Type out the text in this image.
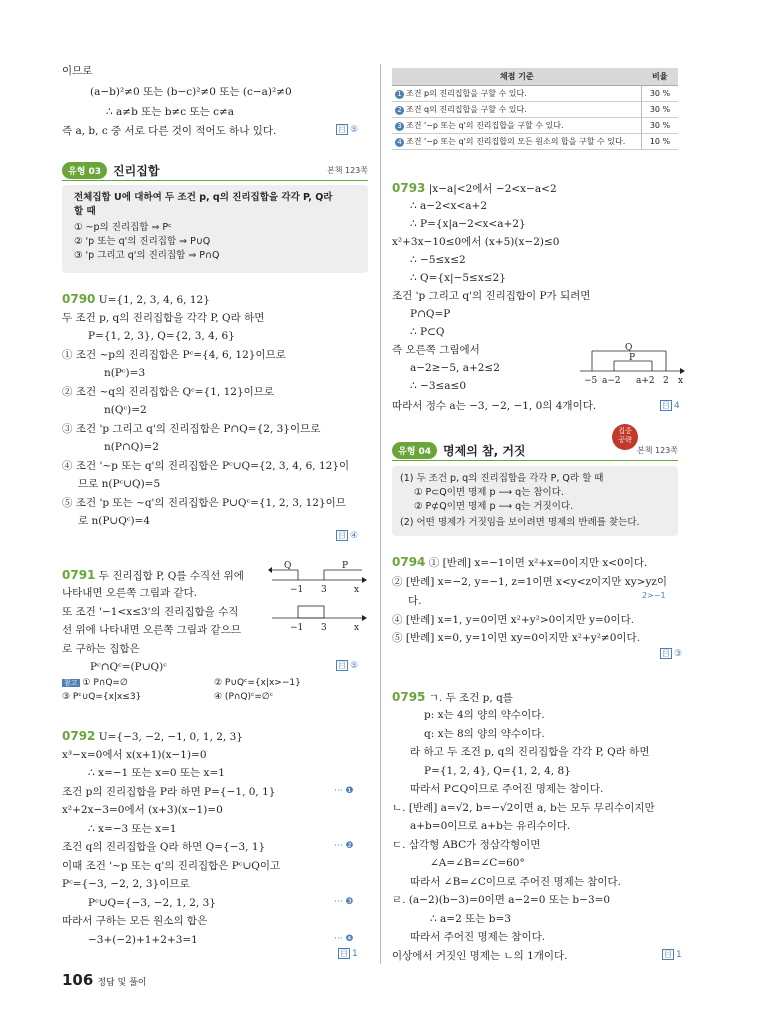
이므로
(a−b)²≠0 또는 (b−c)²≠0 또는 (c−a)²≠0
∴ a≠b 또는 b≠c 또는 c≠a
즉 a, b, c 중 서로 다른 것이 적어도 하나 있다.	目 ⑤
유형 03	진리집합	본책 123쪽
전체집합 U에 대하여 두 조건 p, q의 진리집합을 각각 P, Q라
할 때
① ~p의 진리집합 ⇒ Pᶜ
② 'p 또는 q'의 진리집합 ⇒ P∪Q
③ 'p 그리고 q'의 진리집합 ⇒ P∩Q
0790 U={1, 2, 3, 4, 6, 12}
두 조건 p, q의 진리집합을 각각 P, Q라 하면
P={1, 2, 3}, Q={2, 3, 4, 6}
① 조건 ~p의 진리집합은 Pᶜ={4, 6, 12}이므로
n(Pᶜ)=3
② 조건 ~q의 진리집합은 Qᶜ={1, 12}이므로
n(Qᶜ)=2
③ 조건 'p 그리고 q'의 진리집합은 P∩Q={2, 3}이므로
n(P∩Q)=2
④ 조건 '~p 또는 q'의 진리집합은 Pᶜ∪Q={2, 3, 4, 6, 12}이
므로 n(Pᶜ∪Q)=5
⑤ 조건 'p 또는 ~q'의 진리집합은 P∪Qᶜ={1, 2, 3, 12}이므
로 n(P∪Qᶜ)=4
目 ④
0791 두 진리집합 P, Q를 수직선 위에
나타내면 오른쪽 그림과 같다.
또 조건 '−1<x≤3'의 진리집합을 수직
선 위에 나타내면 오른쪽 그림과 같으므
로 구하는 집합은
Pᶜ∩Qᶜ=(P∪Q)ᶜ	目 ⑤
Q	P
−1 3	x
−1 3	x
참고 ① P∩Q=∅	② P∪Qᶜ={x|x>−1}
③ Pᶜ∪Q={x|x≤3}	④ (P∩Q)ᶜ=∅ᶜ
0792 U={−3, −2, −1, 0, 1, 2, 3}
x³−x=0에서 x(x+1)(x−1)=0
∴ x=−1 또는 x=0 또는 x=1
조건 p의 진리집합을 P라 하면 P={−1, 0, 1}
x²+2x−3=0에서 (x+3)(x−1)=0
∴ x=−3 또는 x=1
조건 q의 진리집합을 Q라 하면 Q={−3, 1}
이때 조건 '~p 또는 q'의 진리집합은 Pᶜ∪Q이고
Pᶜ={−3, −2, 2, 3}이므로
Pᶜ∪Q={−3, −2, 1, 2, 3}
따라서 구하는 모든 원소의 합은
−3+(−2)+1+2+3=1
··· ❶
··· ❷
··· ❸
··· ❹
目 1
채점 기준	비율
1 조건 p의 진리집합을 구할 수 있다.	30 %
2 조건 q의 진리집합을 구할 수 있다.	30 %
3 조건 '~p 또는 q'의 진리집합을 구할 수 있다.	30 %
4 조건 '~p 또는 q'의 진리집합의 모든 원소의 합을 구할 수 있다.	10 %
0793 |x−a|<2에서 −2<x−a<2
∴ a−2<x<a+2
∴ P={x|a−2<x<a+2}
x²+3x−10≤0에서 (x+5)(x−2)≤0
∴ −5≤x≤2
∴ Q={x|−5≤x≤2}
조건 'p 그리고 q'의 진리집합이 P가 되려면
P∩Q=P
∴ P⊂Q
즉 오른쪽 그림에서
a−2≥−5, a+2≤2
∴ −3≤a≤0
따라서 정수 a는 −3, −2, −1, 0의 4개이다.	目 4
Q
P
−5 a−2 a+2 2 x
유형 04	명제의 참, 거짓	본책 123쪽
집중
공략
(1) 두 조건 p, q의 진리집합을 각각 P, Q라 할 때
① P⊂Q이면 명제 p ⟶ q는 참이다.
② P⊄Q이면 명제 p ⟶ q는 거짓이다.
(2) 어떤 명제가 거짓임을 보이려면 명제의 반례를 찾는다.
0794 ① [반례] x=−1이면 x²+x=0이지만 x<0이다.
② [반례] x=−2, y=−1, z=1이면 x<y<z이지만 xy>yz이
2>−1
다.
④ [반례] x=1, y=0이면 x²+y²>0이지만 y=0이다.
⑤ [반례] x=0, y=1이면 xy=0이지만 x²+y²≠0이다.
目 ③
0795 ㄱ. 두 조건 p, q를
p: x는 4의 양의 약수이다.
q: x는 8의 양의 약수이다.
라 하고 두 조건 p, q의 진리집합을 각각 P, Q라 하면
P={1, 2, 4}, Q={1, 2, 4, 8}
따라서 P⊂Q이므로 주어진 명제는 참이다.
ㄴ. [반례] a=√2, b=−√2이면 a, b는 모두 무리수이지만
a+b=0이므로 a+b는 유리수이다.
ㄷ. 삼각형 ABC가 정삼각형이면
∠A=∠B=∠C=60°
따라서 ∠B=∠C이므로 주어진 명제는 참이다.
ㄹ. (a−2)(b−3)=0이면 a−2=0 또는 b−3=0
∴ a=2 또는 b=3
따라서 주어진 명제는 참이다.
이상에서 거짓인 명제는 ㄴ의 1개이다.	目 1
106 정답 및 풀이
